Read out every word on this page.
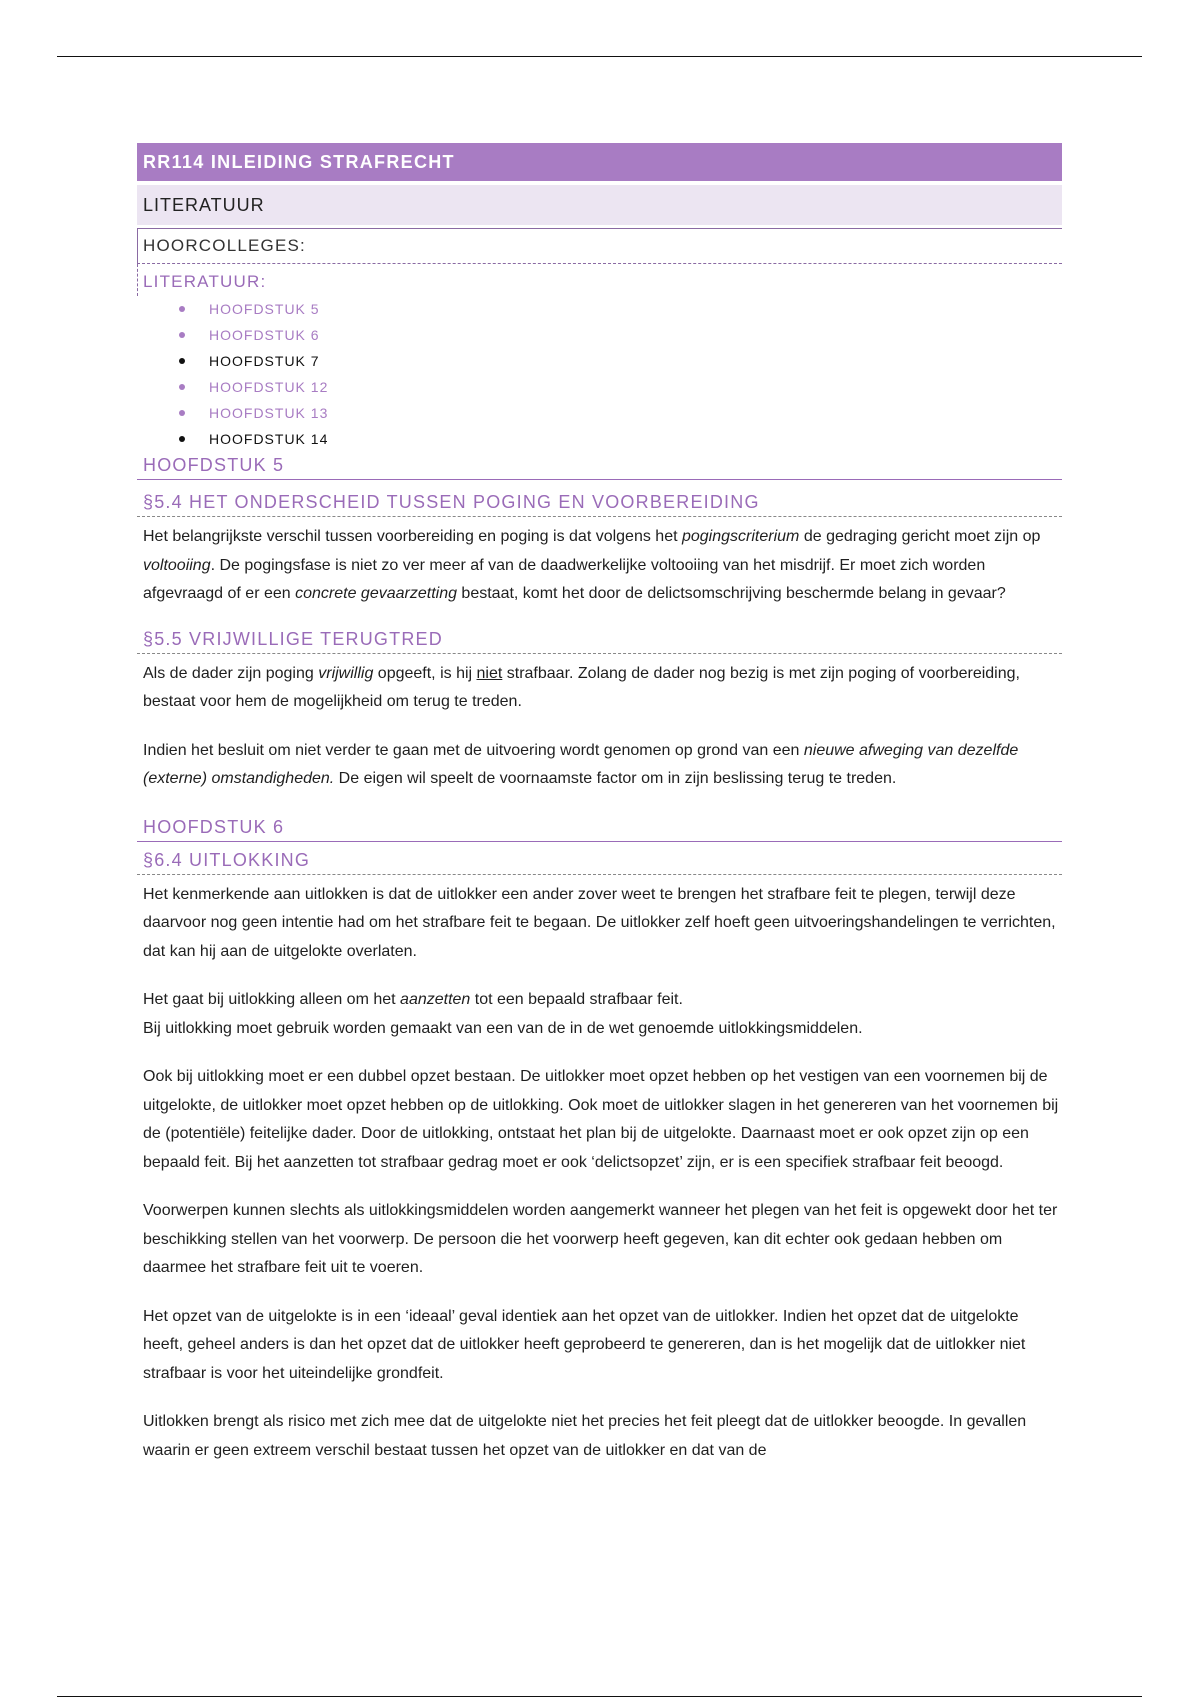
RR114 INLEIDING STRAFRECHT
LITERATUUR
HOORCOLLEGES:
LITERATUUR:
HOOFDSTUK 5
HOOFDSTUK 6
HOOFDSTUK 7
HOOFDSTUK 12
HOOFDSTUK 13
HOOFDSTUK 14
HOOFDSTUK 5
§5.4 HET ONDERSCHEID TUSSEN POGING EN VOORBEREIDING

Het belangrijkste verschil tussen voorbereiding en poging is dat volgens het pogingscriterium de gedraging gericht moet zijn op voltooiing. De pogingsfase is niet zo ver meer af van de daadwerkelijke voltooiing van het misdrijf. Er moet zich worden afgevraagd of er een concrete gevaarzetting bestaat, komt het door de delictsomschrijving beschermde belang in gevaar?

§5.5 VRIJWILLIGE TERUGTRED

Als de dader zijn poging vrijwillig opgeeft, is hij niet strafbaar. Zolang de dader nog bezig is met zijn poging of voorbereiding, bestaat voor hem de mogelijkheid om terug te treden.

Indien het besluit om niet verder te gaan met de uitvoering wordt genomen op grond van een nieuwe afweging van dezelfde (externe) omstandigheden. De eigen wil speelt de voornaamste factor om in zijn beslissing terug te treden.

HOOFDSTUK 6
§6.4 UITLOKKING

Het kenmerkende aan uitlokken is dat de uitlokker een ander zover weet te brengen het strafbare feit te plegen, terwijl deze daarvoor nog geen intentie had om het strafbare feit te begaan. De uitlokker zelf hoeft geen uitvoeringshandelingen te verrichten, dat kan hij aan de uitgelokte overlaten.

Het gaat bij uitlokking alleen om het aanzetten tot een bepaald strafbaar feit.
Bij uitlokking moet gebruik worden gemaakt van een van de in de wet genoemde uitlokkingsmiddelen.

Ook bij uitlokking moet er een dubbel opzet bestaan. De uitlokker moet opzet hebben op het vestigen van een voornemen bij de uitgelokte, de uitlokker moet opzet hebben op de uitlokking. Ook moet de uitlokker slagen in het genereren van het voornemen bij de (potentiële) feitelijke dader. Door de uitlokking, ontstaat het plan bij de uitgelokte. Daarnaast moet er ook opzet zijn op een bepaald feit. Bij het aanzetten tot strafbaar gedrag moet er ook ‘delictsopzet’ zijn, er is een specifiek strafbaar feit beoogd.

Voorwerpen kunnen slechts als uitlokkingsmiddelen worden aangemerkt wanneer het plegen van het feit is opgewekt door het ter beschikking stellen van het voorwerp. De persoon die het voorwerp heeft gegeven, kan dit echter ook gedaan hebben om daarmee het strafbare feit uit te voeren.

Het opzet van de uitgelokte is in een ‘ideaal’ geval identiek aan het opzet van de uitlokker. Indien het opzet dat de uitgelokte heeft, geheel anders is dan het opzet dat de uitlokker heeft geprobeerd te genereren, dan is het mogelijk dat de uitlokker niet strafbaar is voor het uiteindelijke grondfeit.

Uitlokken brengt als risico met zich mee dat de uitgelokte niet het precies het feit pleegt dat de uitlokker beoogde. In gevallen waarin er geen extreem verschil bestaat tussen het opzet van de uitlokker en dat van de
